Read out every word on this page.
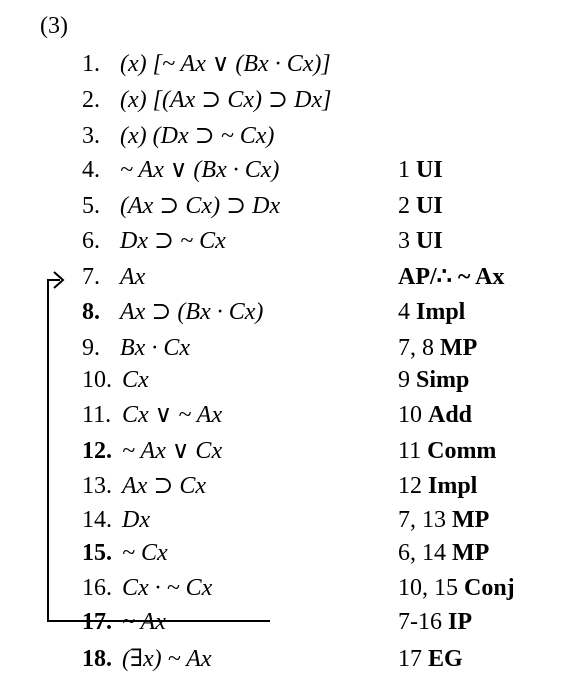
(3)
1. (x) [~ Ax ∨ (Bx · Cx)]
2. (x) [(Ax ⊃ Cx) ⊃ Dx]
3. (x) (Dx ⊃ ~ Cx)
4. ~ Ax ∨ (Bx · Cx)	1 UI
5. (Ax ⊃ Cx) ⊃ Dx	2 UI
6. Dx ⊃ ~ Cx	3 UI
7. Ax	AP/∴ ~ Ax
8. Ax ⊃ (Bx · Cx)	4 Impl
9. Bx · Cx	7, 8 MP
10. Cx	9 Simp
11. Cx ∨ ~ Ax	10 Add
12. ~ Ax ∨ Cx	11 Comm
13. Ax ⊃ Cx	12 Impl
14. Dx	7, 13 MP
15. ~ Cx	6, 14 MP
16. Cx · ~ Cx	10, 15 Conj
17. ~ Ax	7-16 IP
18. (∃x) ~ Ax	17 EG
